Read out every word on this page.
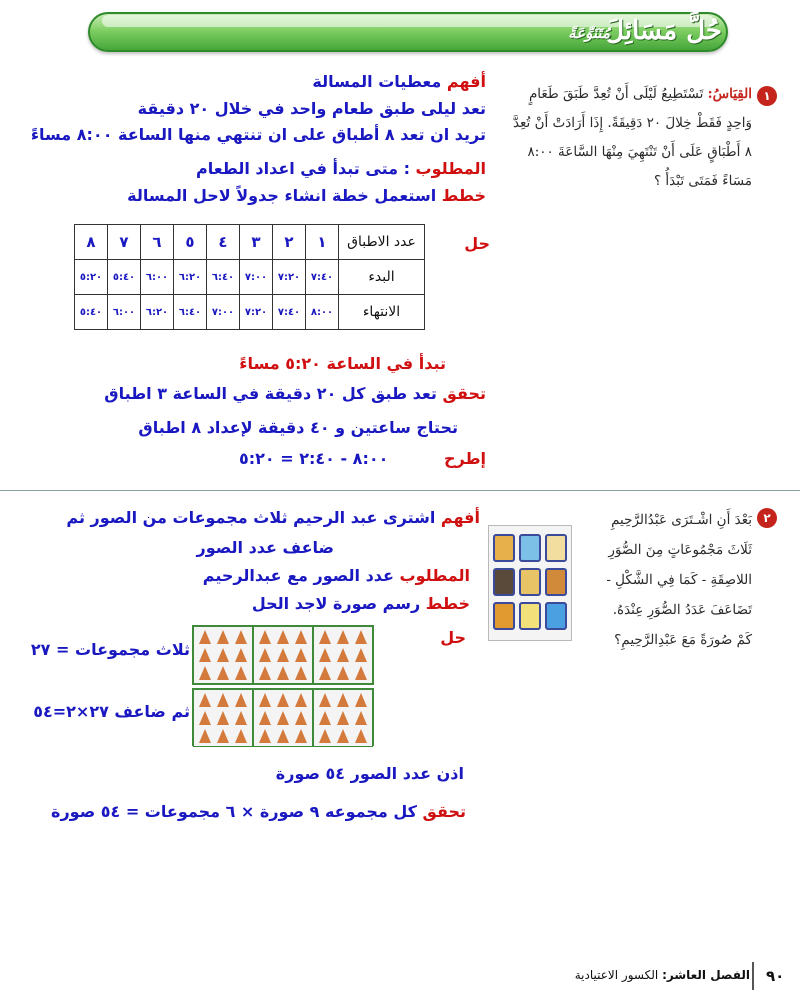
حُلَّ مَسَائِلَ
مُتَنَوِّعَةً
١
القِيَاسُ: تَسْتَطِيعُ لَيْلَى أَنْ تُعِدَّ طَبَقَ طَعَامٍ
وَاحِدٍ فَقَطْ خِلالَ ٢٠ دَقِيقَةً. إِذَا أَرَادَتْ أَنْ تُعِدَّ
٨ أَطْبَاقٍ عَلَى أَنْ تَنْتَهِيَ مِنْهَا السَّاعَةَ ٨:٠٠
مَسَاءً فَمَتَى تَبْدَأُ ؟
أفهم معطيات المسالة
تعد ليلى طبق طعام واحد في خلال ٢٠ دقيقة
تريد ان تعد ٨ أطباق على ان تنتهي منها الساعة ٨:٠٠ مساءً
المطلوب : متى تبدأ في اعداد الطعام
خطط استعمل خطة انشاء جدولاً لاحل المسالة
حل
٨	٧	٦	٥	٤	٣	٢	١	عدد الاطباق
٥:٢٠	٥:٤٠	٦:٠٠	٦:٢٠	٦:٤٠	٧:٠٠	٧:٢٠	٧:٤٠	البدء
٥:٤٠	٦:٠٠	٦:٢٠	٦:٤٠	٧:٠٠	٧:٢٠	٧:٤٠	٨:٠٠	الانتهاء
تبدأ في الساعة ٥:٢٠ مساءً
تحقق تعد طبق كل ٢٠ دقيقة في الساعة ٣ اطباق
تحتاج ساعتين و ٤٠ دقيقة لإعداد ٨ اطباق
إطرح ٨:٠٠ - ٢:٤٠ = ٥:٢٠
٢
بَعْدَ أَنِ اشْـتَرَى عَبْدُالرَّحِيمِ
ثَلَاثَ مَجْمُوعَاتٍ مِنَ الصُّوَرِ
اللاصِقَةِ - كَمَا فِي الشَّكْلِ -
تَضَاعَفَ عَدَدُ الصُّوَرِ عِنْدَهُ.
كَمْ صُورَةً مَعَ عَبْدِالرَّحِيمِ؟
أفهم اشترى عبد الرحيم ثلاث مجموعات من الصور ثم
ضاعف عدد الصور
المطلوب عدد الصور مع عبدالرحيم
خطط رسم صورة لاجد الحل
حل
ثلاث مجموعات = ٢٧
ثم ضاعف ٢٧×٢=٥٤
اذن عدد الصور ٥٤ صورة
تحقق كل مجموعه ٩ صورة × ٦ مجموعات = ٥٤ صورة
٩٠
الفصل العاشر: الكسور الاعتيادية
